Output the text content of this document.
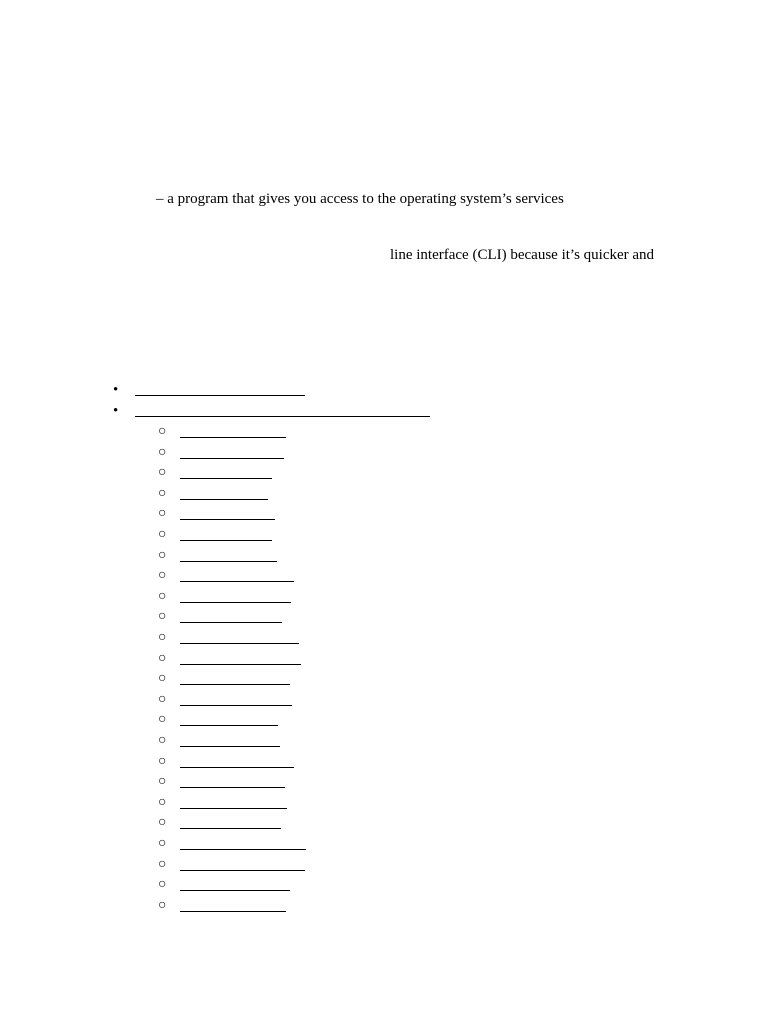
– a program that gives you access to the operating system’s services
line interface (CLI) because it’s quicker and
•
•
○
○
○
○
○
○
○
○
○
○
○
○
○
○
○
○
○
○
○
○
○
○
○
○
